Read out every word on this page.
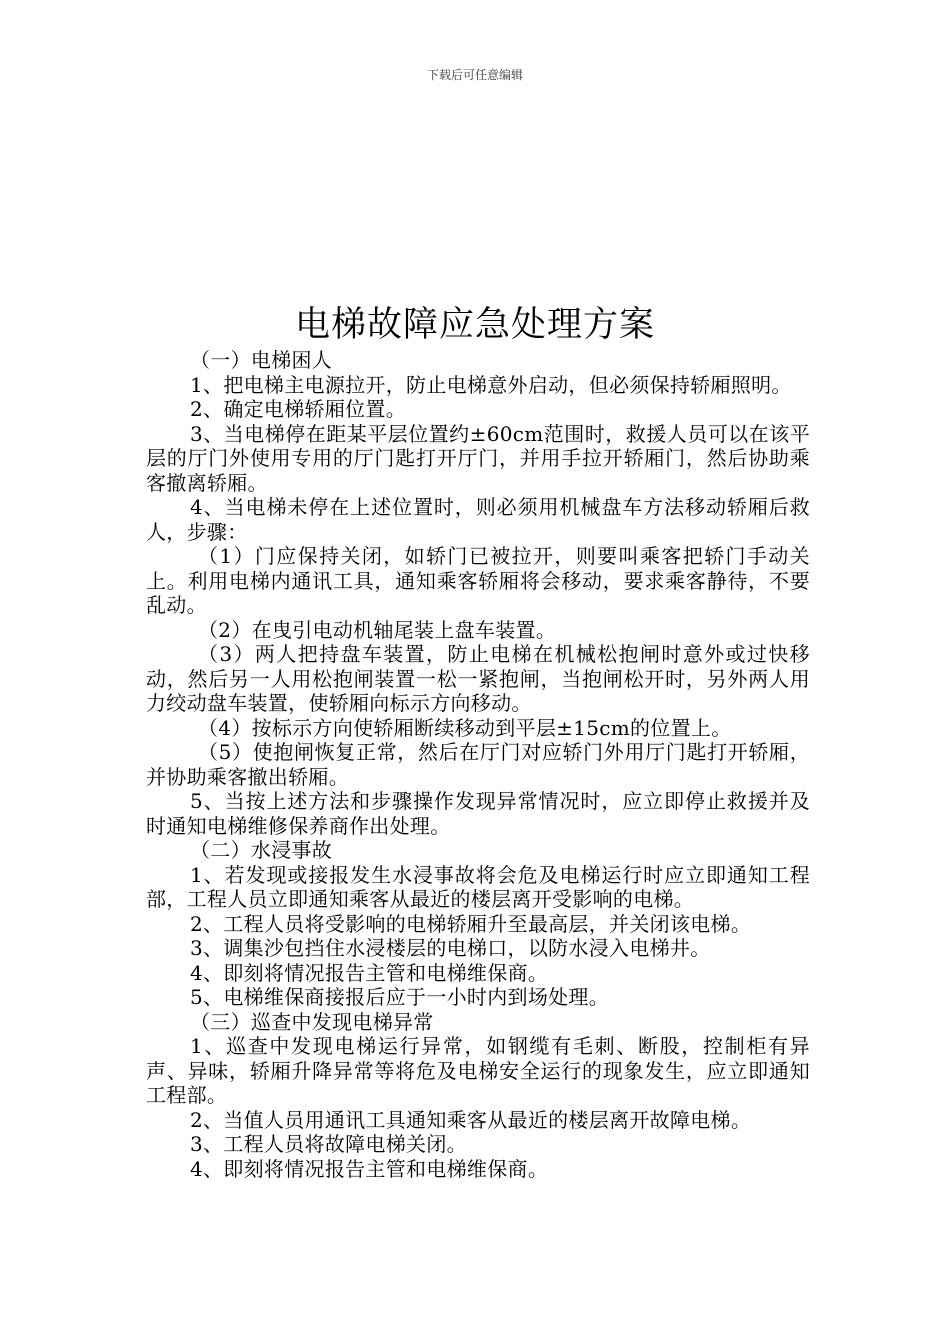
下载后可任意编辑
电梯故障应急处理方案

（一）电梯困人

1、把电梯主电源拉开，防止电梯意外启动，但必须保持轿厢照明。

2、确定电梯轿厢位置。

3、当电梯停在距某平层位置约±60cm范围时，救援人员可以在该平层的厅门外使用专用的厅门匙打开厅门，并用手拉开轿厢门，然后协助乘客撤离轿厢。

4、当电梯未停在上述位置时，则必须用机械盘车方法移动轿厢后救人，步骤：

（1）门应保持关闭，如轿门已被拉开，则要叫乘客把轿门手动关上。利用电梯内通讯工具，通知乘客轿厢将会移动，要求乘客静待，不要乱动。

（2）在曳引电动机轴尾装上盘车装置。

（3）两人把持盘车装置，防止电梯在机械松抱闸时意外或过快移动，然后另一人用松抱闸装置一松一紧抱闸，当抱闸松开时，另外两人用力绞动盘车装置，使轿厢向标示方向移动。

（4）按标示方向使轿厢断续移动到平层±15cm的位置上。

（5）使抱闸恢复正常，然后在厅门对应轿门外用厅门匙打开轿厢，并协助乘客撤出轿厢。

5、当按上述方法和步骤操作发现异常情况时，应立即停止救援并及时通知电梯维修保养商作出处理。

（二）水浸事故

1、若发现或接报发生水浸事故将会危及电梯运行时应立即通知工程部，工程人员立即通知乘客从最近的楼层离开受影响的电梯。

2、工程人员将受影响的电梯轿厢升至最高层，并关闭该电梯。

3、调集沙包挡住水浸楼层的电梯口，以防水浸入电梯井。

4、即刻将情况报告主管和电梯维保商。

5、电梯维保商接报后应于一小时内到场处理。

（三）巡查中发现电梯异常

1、巡查中发现电梯运行异常，如钢缆有毛刺、断股，控制柜有异声、异味，轿厢升降异常等将危及电梯安全运行的现象发生，应立即通知工程部。

2、当值人员用通讯工具通知乘客从最近的楼层离开故障电梯。

3、工程人员将故障电梯关闭。

4、即刻将情况报告主管和电梯维保商。
